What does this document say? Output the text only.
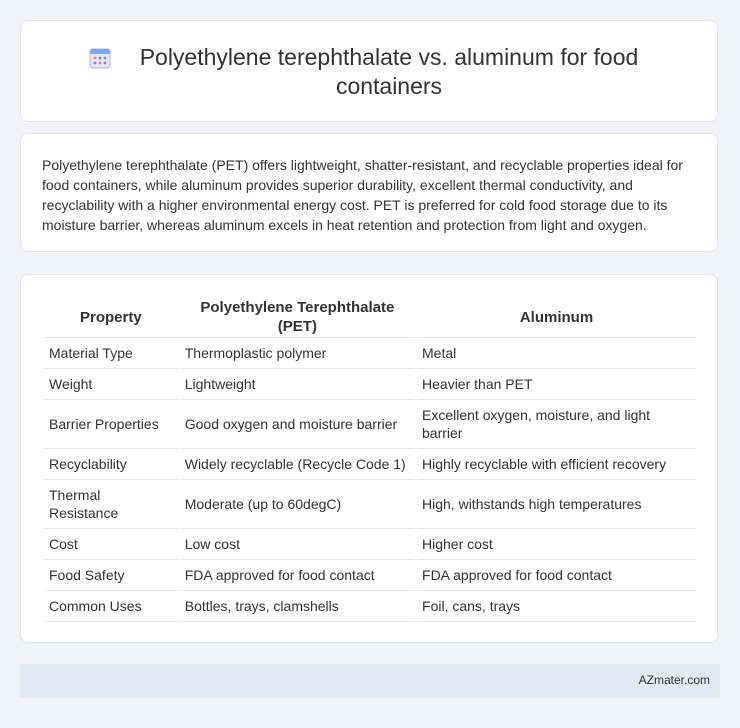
Polyethylene terephthalate vs. aluminum for food containers
Polyethylene terephthalate (PET) offers lightweight, shatter-resistant, and recyclable properties ideal for food containers, while aluminum provides superior durability, excellent thermal conductivity, and recyclability with a higher environmental energy cost. PET is preferred for cold food storage due to its moisture barrier, whereas aluminum excels in heat retention and protection from light and oxygen.
Property	Polyethylene Terephthalate (PET)	Aluminum
Material Type	Thermoplastic polymer	Metal
Weight	Lightweight	Heavier than PET
Barrier Properties	Good oxygen and moisture barrier	Excellent oxygen, moisture, and light barrier
Recyclability	Widely recyclable (Recycle Code 1)	Highly recyclable with efficient recovery
Thermal Resistance	Moderate (up to 60degC)	High, withstands high temperatures
Cost	Low cost	Higher cost
Food Safety	FDA approved for food contact	FDA approved for food contact
Common Uses	Bottles, trays, clamshells	Foil, cans, trays
AZmater.com
